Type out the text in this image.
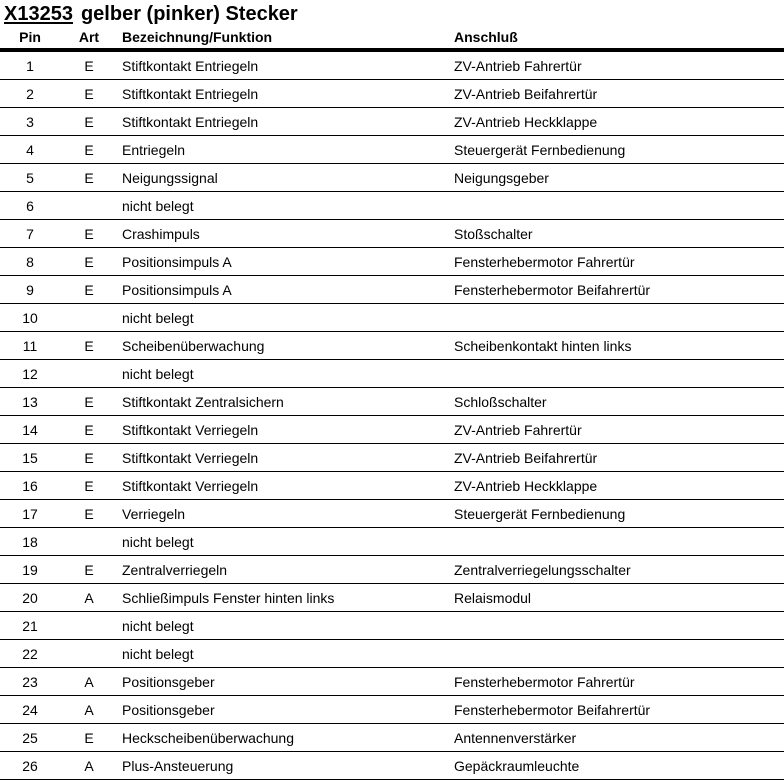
X13253 gelber (pinker) Stecker
Pin	Art	Bezeichnung/Funktion	Anschluß
1	E	Stiftkontakt Entriegeln	ZV-Antrieb Fahrertür
2	E	Stiftkontakt Entriegeln	ZV-Antrieb Beifahrertür
3	E	Stiftkontakt Entriegeln	ZV-Antrieb Heckklappe
4	E	Entriegeln	Steuergerät Fernbedienung
5	E	Neigungssignal	Neigungsgeber
6		nicht belegt	
7	E	Crashimpuls	Stoßschalter
8	E	Positionsimpuls A	Fensterhebermotor Fahrertür
9	E	Positionsimpuls A	Fensterhebermotor Beifahrertür
10		nicht belegt	
11	E	Scheibenüberwachung	Scheibenkontakt hinten links
12		nicht belegt	
13	E	Stiftkontakt Zentralsichern	Schloßschalter
14	E	Stiftkontakt Verriegeln	ZV-Antrieb Fahrertür
15	E	Stiftkontakt Verriegeln	ZV-Antrieb Beifahrertür
16	E	Stiftkontakt Verriegeln	ZV-Antrieb Heckklappe
17	E	Verriegeln	Steuergerät Fernbedienung
18		nicht belegt	
19	E	Zentralverriegeln	Zentralverriegelungsschalter
20	A	Schließimpuls Fenster hinten links	Relaismodul
21		nicht belegt	
22		nicht belegt	
23	A	Positionsgeber	Fensterhebermotor Fahrertür
24	A	Positionsgeber	Fensterhebermotor Beifahrertür
25	E	Heckscheibenüberwachung	Antennenverstärker
26	A	Plus-Ansteuerung	Gepäckraumleuchte
